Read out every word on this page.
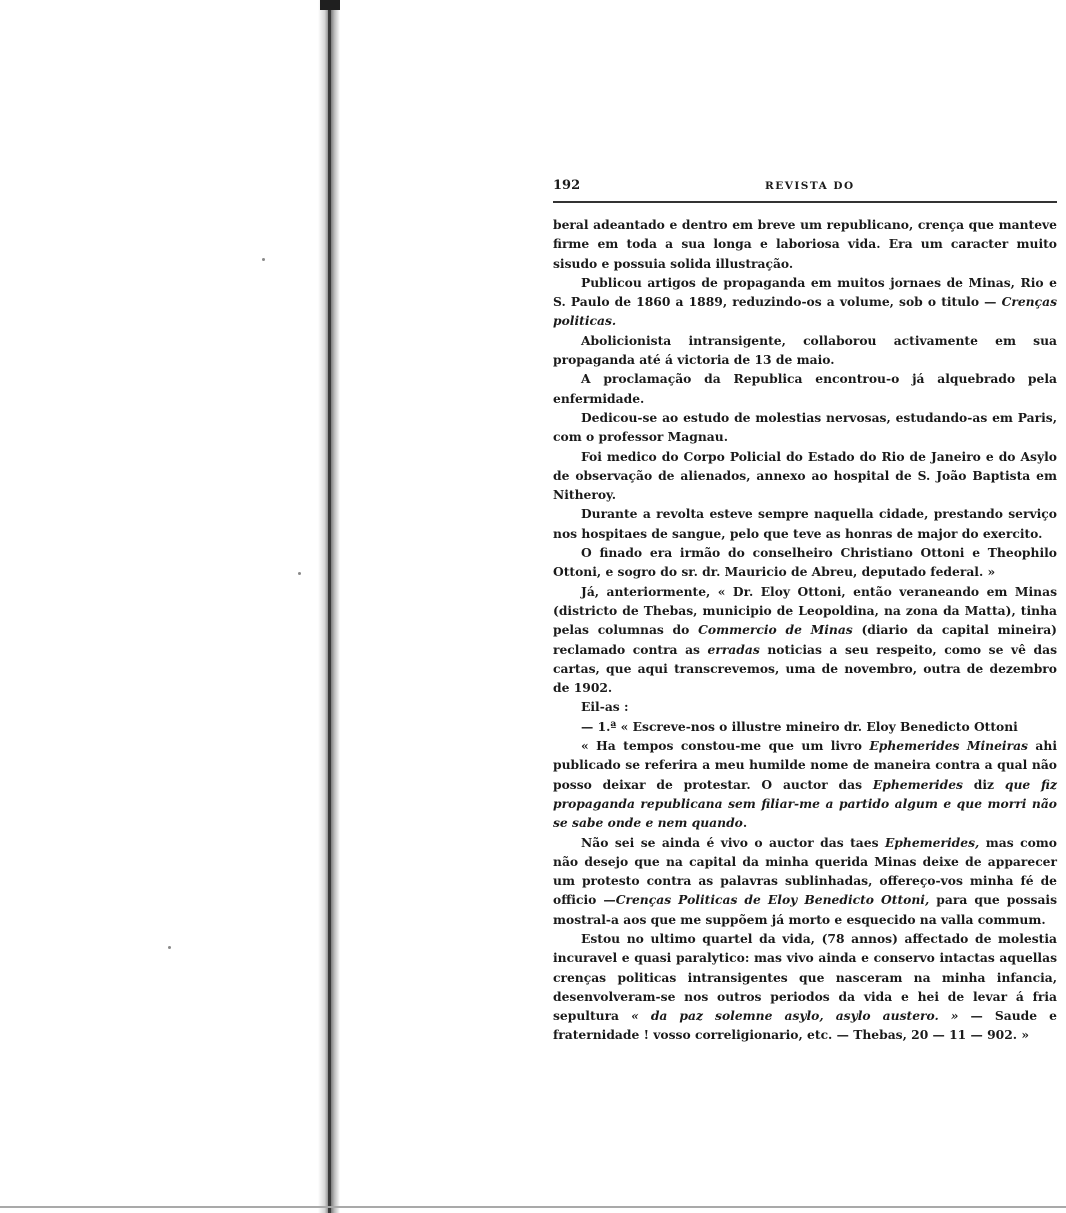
192	REVISTA DO

beral adeantado e dentro em breve um republicano, crença que manteve firme em toda a sua longa e laboriosa vida. Era um caracter muito sisudo e possuia solida illustração.

Publicou artigos de propaganda em muitos jornaes de Minas, Rio e S. Paulo de 1860 a 1889, reduzindo-os a volume, sob o titulo — Crenças politicas.

Abolicionista intransigente, collaborou activamente em sua propaganda até á victoria de 13 de maio.

A proclamação da Republica encontrou-o já alquebrado pela enfermidade.

Dedicou-se ao estudo de molestias nervosas, estudando-as em Paris, com o professor Magnau.

Foi medico do Corpo Policial do Estado do Rio de Janeiro e do Asylo de observação de alienados, annexo ao hospital de S. João Baptista em Nitheroy.

Durante a revolta esteve sempre naquella cidade, prestando serviço nos hospitaes de sangue, pelo que teve as honras de major do exercito.

O finado era irmão do conselheiro Christiano Ottoni e Theophilo Ottoni, e sogro do sr. dr. Mauricio de Abreu, deputado federal. »

Já, anteriormente, « Dr. Eloy Ottoni, então veraneando em Minas (districto de Thebas, municipio de Leopoldina, na zona da Matta), tinha pelas columnas do Commercio de Minas (diario da capital mineira) reclamado contra as erradas noticias a seu respeito, como se vê das cartas, que aqui transcrevemos, uma de novembro, outra de dezembro de 1902.

Eil-as :

— 1.ª « Escreve-nos o illustre mineiro dr. Eloy Benedicto Ottoni

« Ha tempos constou-me que um livro Ephemerides Mineiras ahi publicado se referira a meu humilde nome de maneira contra a qual não posso deixar de protestar. O auctor das Ephemerides diz que fiz propaganda republicana sem filiar-me a partido algum e que morri não se sabe onde e nem quando.

Não sei se ainda é vivo o auctor das taes Ephemerides, mas como não desejo que na capital da minha querida Minas deixe de apparecer um protesto contra as palavras sublinhadas, offereço-vos minha fé de officio —Crenças Politicas de Eloy Benedicto Ottoni, para que possais mostral-a aos que me suppõem já morto e esquecido na valla commum.

Estou no ultimo quartel da vida, (78 annos) affectado de molestia incuravel e quasi paralytico: mas vivo ainda e conservo intactas aquellas crenças politicas intransigentes que nasceram na minha infancia, desenvolveram-se nos outros periodos da vida e hei de levar á fria sepultura « da paz solemne asylo, asylo austero. » — Saude e fraternidade ! vosso correligionario, etc. — Thebas, 20 — 11 — 902. »
